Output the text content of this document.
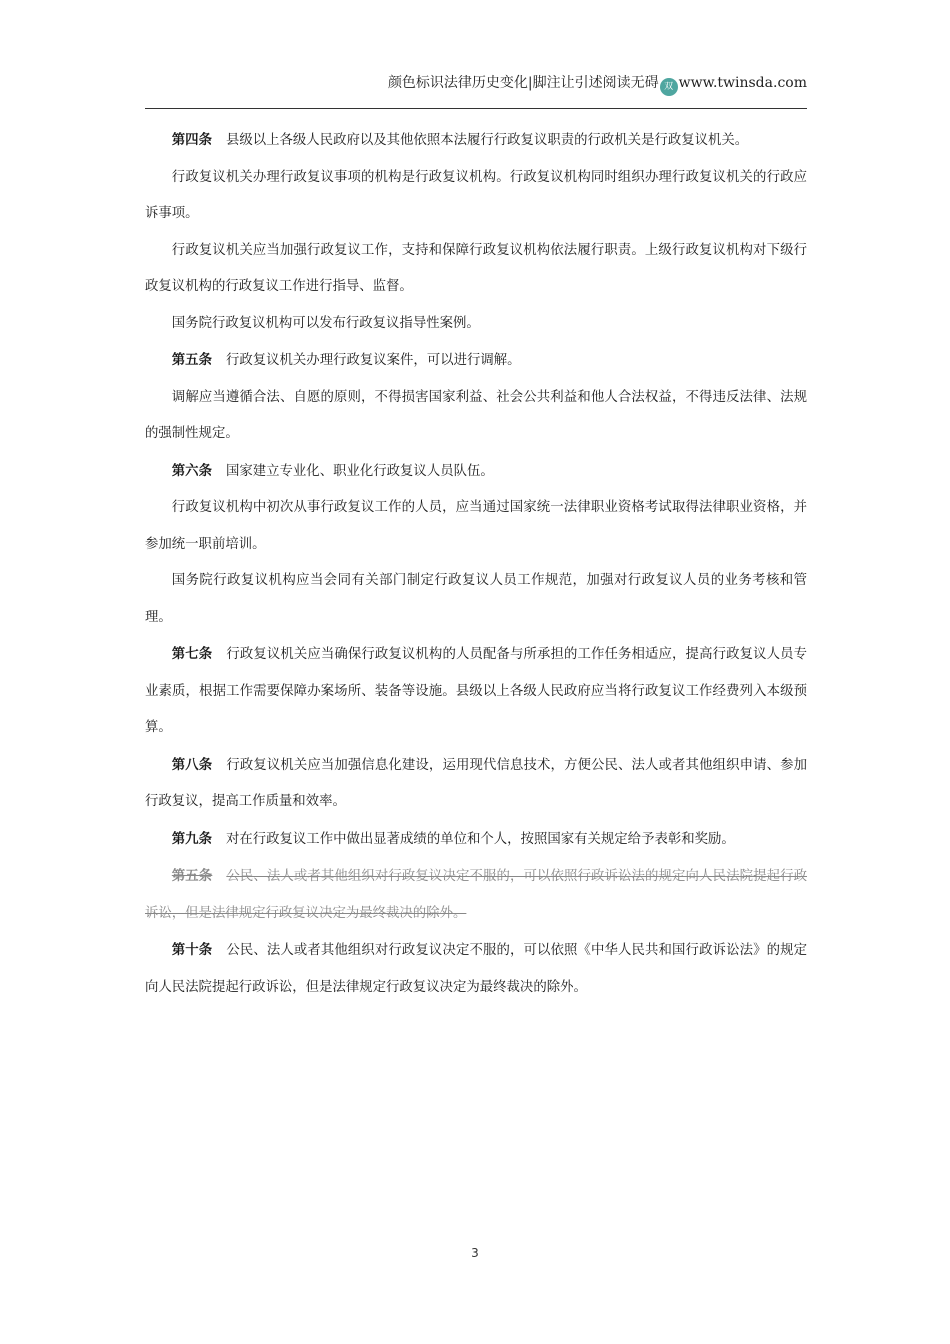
颜色标识法律历史变化|脚注让引述阅读无碍 双 www.twinsda.com

第四条 县级以上各级人民政府以及其他依照本法履行行政复议职责的行政机关是行政复议机关。

行政复议机关办理行政复议事项的机构是行政复议机构。行政复议机构同时组织办理行政复议机关的行政应诉事项。

行政复议机关应当加强行政复议工作，支持和保障行政复议机构依法履行职责。上级行政复议机构对下级行政复议机构的行政复议工作进行指导、监督。

国务院行政复议机构可以发布行政复议指导性案例。

第五条 行政复议机关办理行政复议案件，可以进行调解。

调解应当遵循合法、自愿的原则，不得损害国家利益、社会公共利益和他人合法权益，不得违反法律、法规的强制性规定。

第六条 国家建立专业化、职业化行政复议人员队伍。

行政复议机构中初次从事行政复议工作的人员，应当通过国家统一法律职业资格考试取得法律职业资格，并参加统一职前培训。

国务院行政复议机构应当会同有关部门制定行政复议人员工作规范，加强对行政复议人员的业务考核和管理。

第七条 行政复议机关应当确保行政复议机构的人员配备与所承担的工作任务相适应，提高行政复议人员专业素质，根据工作需要保障办案场所、装备等设施。县级以上各级人民政府应当将行政复议工作经费列入本级预算。

第八条 行政复议机关应当加强信息化建设，运用现代信息技术，方便公民、法人或者其他组织申请、参加行政复议，提高工作质量和效率。

第九条 对在行政复议工作中做出显著成绩的单位和个人，按照国家有关规定给予表彰和奖励。

第五条 公民、法人或者其他组织对行政复议决定不服的，可以依照行政诉讼法的规定向人民法院提起行政诉讼，但是法律规定行政复议决定为最终裁决的除外。

第十条 公民、法人或者其他组织对行政复议决定不服的，可以依照《中华人民共和国行政诉讼法》的规定向人民法院提起行政诉讼，但是法律规定行政复议决定为最终裁决的除外。

3
